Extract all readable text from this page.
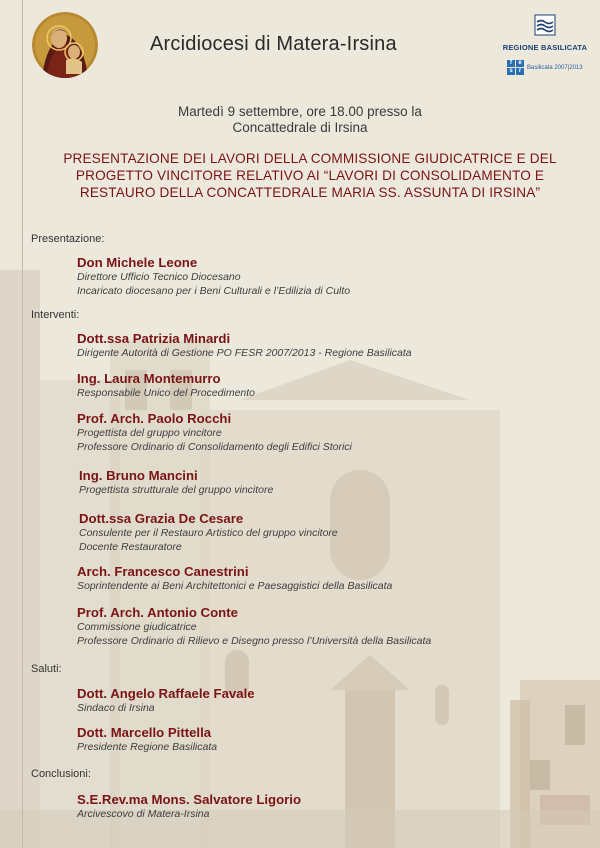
Arcidiocesi di Matera-Irsina	REGIONE BASILICATA
f	e
s	r
Basilicata 2007|2013
Martedì 9 settembre, ore 18.00 presso la
Concattedrale di Irsina
PRESENTAZIONE DEI LAVORI DELLA COMMISSIONE GIUDICATRICE E DEL
PROGETTO VINCITORE RELATIVO AI “LAVORI DI CONSOLIDAMENTO E
RESTAURO DELLA CONCATTEDRALE MARIA SS. ASSUNTA DI IRSINA”
Presentazione:
Interventi:
Saluti:
Conclusioni:
Don Michele Leone
Direttore Ufficio Tecnico Diocesano
Incaricato diocesano per i Beni Culturali e l’Edilizia di Culto
Dott.ssa Patrizia Minardi
Dirigente Autorità di Gestione PO FESR 2007/2013 - Regione Basilicata
Ing. Laura Montemurro
Responsabile Unico del Procedimento
Prof. Arch. Paolo Rocchi
Progettista del gruppo vincitore
Professore Ordinario di Consolidamento degli Edifici Storici
Ing. Bruno Mancini
Progettista strutturale del gruppo vincitore
Dott.ssa Grazia De Cesare
Consulente per il Restauro Artistico del gruppo vincitore
Docente Restauratore
Arch. Francesco Canestrini
Soprintendente ai Beni Architettonici e Paesaggistici della Basilicata
Prof. Arch. Antonio Conte
Commissione giudicatrice
Professore Ordinario di Rilievo e Disegno presso l’Università della Basilicata
Dott. Angelo Raffaele Favale
Sindaco di Irsina
Dott. Marcello Pittella
Presidente Regione Basilicata
S.E.Rev.ma Mons. Salvatore Ligorio
Arcivescovo di Matera-Irsina
